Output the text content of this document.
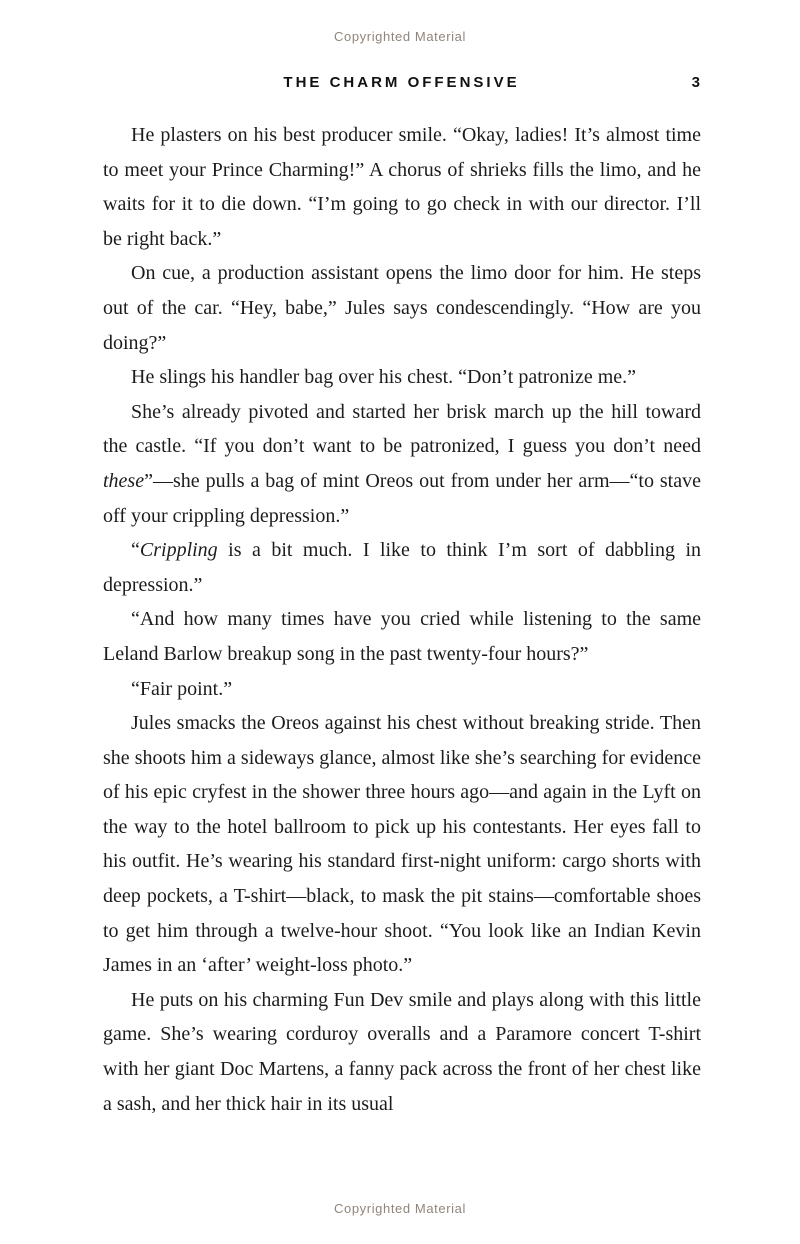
Copyrighted Material
THE CHARM OFFENSIVE	3

He plasters on his best producer smile. “Okay, ladies! It’s almost time to meet your Prince Charming!” A chorus of shrieks fills the limo, and he waits for it to die down. “I’m going to go check in with our director. I’ll be right back.”

On cue, a production assistant opens the limo door for him. He steps out of the car. “Hey, babe,” Jules says condescendingly. “How are you doing?”

He slings his handler bag over his chest. “Don’t patronize me.”

She’s already pivoted and started her brisk march up the hill toward the castle. “If you don’t want to be patronized, I guess you don’t need these”—she pulls a bag of mint Oreos out from under her arm—“to stave off your crippling depression.”

“Crippling is a bit much. I like to think I’m sort of dabbling in depression.”

“And how many times have you cried while listening to the same Leland Barlow breakup song in the past twenty-four hours?”

“Fair point.”

Jules smacks the Oreos against his chest without breaking stride. Then she shoots him a sideways glance, almost like she’s searching for evidence of his epic cryfest in the shower three hours ago—and again in the Lyft on the way to the hotel ballroom to pick up his contestants. Her eyes fall to his outfit. He’s wearing his standard first-night uniform: cargo shorts with deep pockets, a T-shirt—black, to mask the pit stains—comfortable shoes to get him through a twelve-hour shoot. “You look like an Indian Kevin James in an ‘after’ weight-loss photo.”

He puts on his charming Fun Dev smile and plays along with this little game. She’s wearing corduroy overalls and a Paramore concert T-shirt with her giant Doc Martens, a fanny pack across the front of her chest like a sash, and her thick hair in its usual

Copyrighted Material
